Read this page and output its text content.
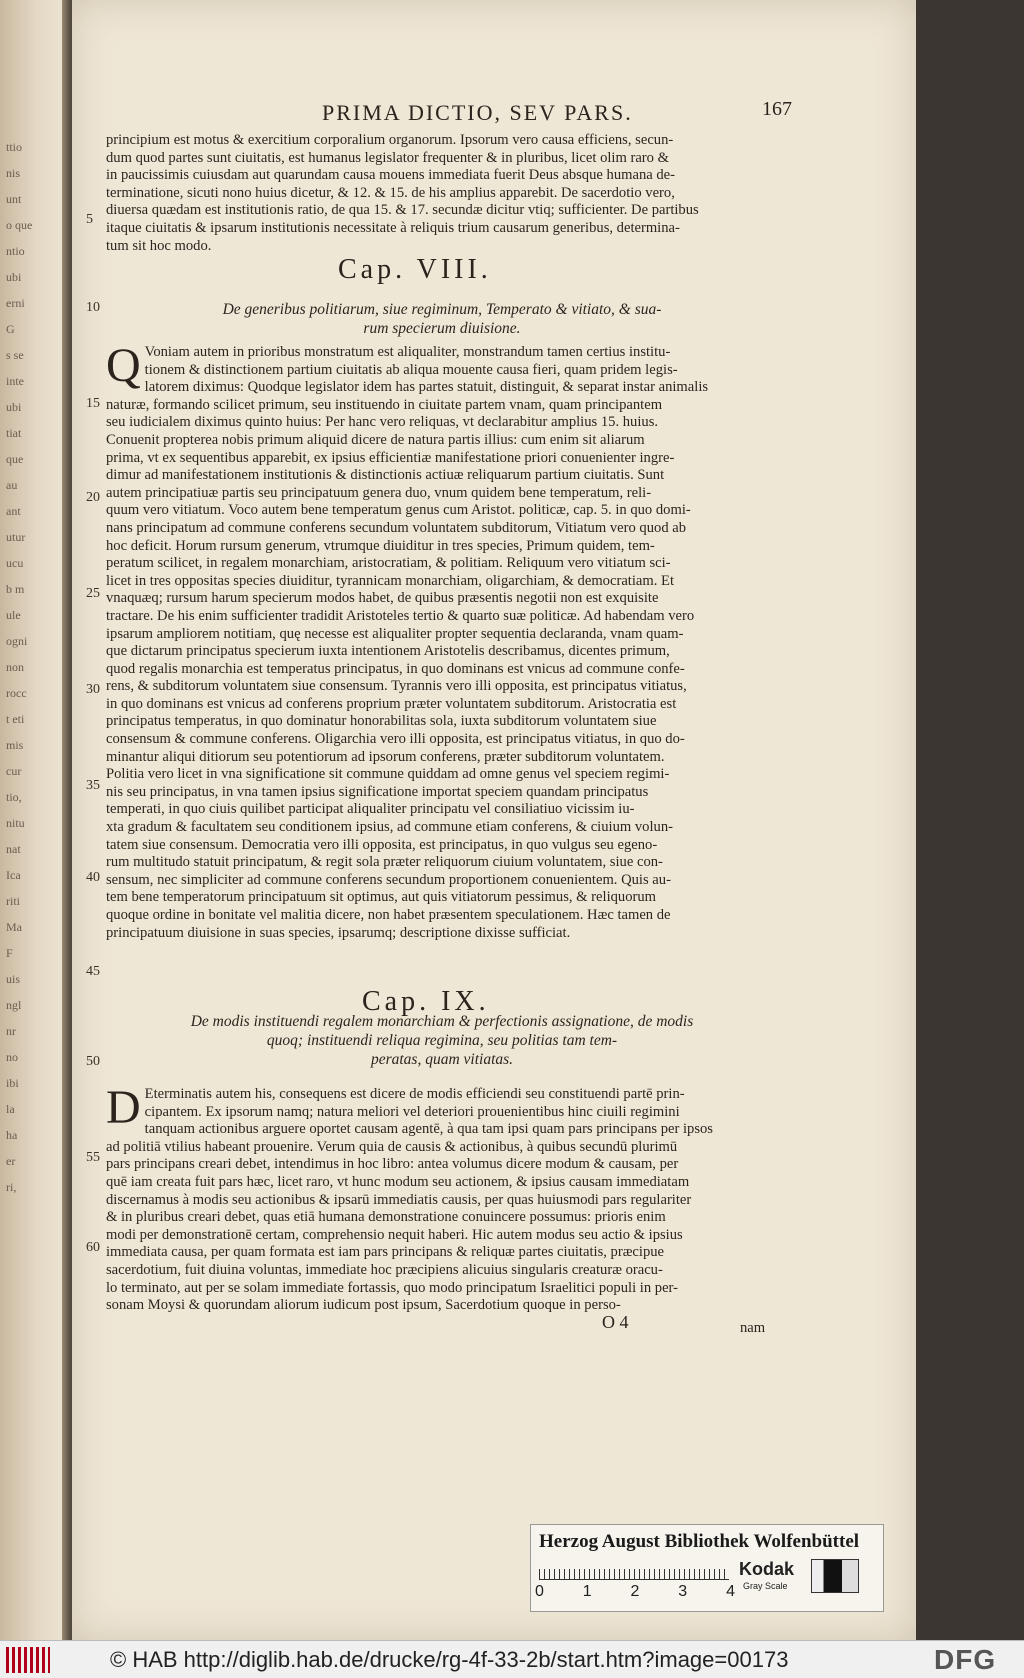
ttio
nis
unt
o que
ntio
ubi
erni
G
s se
inte
ubi
tiat
que
au
ant
utur
ucu
b m
ule
ogni
non
rocc
t eti
mis
cur
tio,
nitu
nat
Ica
riti
Ma
F
uis
ngl
nr
no
ibi
la
ha
er
ri,
PRIMA DICTIO, SEV PARS.	167
principium est motus & exercitium corporalium organorum. Ipsorum vero causa efficiens, secun-
dum quod partes sunt ciuitatis, est humanus legislator frequenter & in pluribus, licet olim raro &
in paucissimis cuiusdam aut quarundam causa mouens immediata fuerit Deus absque humana de-
terminatione, sicuti nono huius dicetur, & 12. & 15. de his amplius apparebit. De sacerdotio vero,
diuersa quædam est institutionis ratio, de qua 15. & 17. secundæ dicitur vtiq; sufficienter. De partibus
itaque ciuitatis & ipsarum institutionis necessitate à reliquis trium causarum generibus, determina-
tum sit hoc modo.
Cap. VIII.
De generibus politiarum, siue regiminum, Temperato & vitiato, & sua-
rum specierum diuisione.
Q Voniam autem in prioribus monstratum est aliqualiter, monstrandum tamen certius institu-
tionem & distinctionem partium ciuitatis ab aliqua mouente causa fieri, quam pridem legis-
latorem diximus: Quodque legislator idem has partes statuit, distinguit, & separat instar animalis
naturæ, formando scilicet primum, seu instituendo in ciuitate partem vnam, quam principantem
seu iudicialem diximus quinto huius: Per hanc vero reliquas, vt declarabitur amplius 15. huius.
Conuenit propterea nobis primum aliquid dicere de natura partis illius: cum enim sit aliarum
prima, vt ex sequentibus apparebit, ex ipsius efficientiæ manifestatione priori conuenienter ingre-
dimur ad manifestationem institutionis & distinctionis actiuæ reliquarum partium ciuitatis. Sunt
autem principatiuæ partis seu principatuum genera duo, vnum quidem bene temperatum, reli-
quum vero vitiatum. Voco autem bene temperatum genus cum Aristot. politicæ, cap. 5. in quo domi-
nans principatum ad commune conferens secundum voluntatem subditorum, Vitiatum vero quod ab
hoc deficit. Horum rursum generum, vtrumque diuiditur in tres species, Primum quidem, tem-
peratum scilicet, in regalem monarchiam, aristocratiam, & politiam. Reliquum vero vitiatum sci-
licet in tres oppositas species diuiditur, tyrannicam monarchiam, oligarchiam, & democratiam. Et
vnaquæq; rursum harum specierum modos habet, de quibus præsentis negotii non est exquisite
tractare. De his enim sufficienter tradidit Aristoteles tertio & quarto suæ politicæ. Ad habendam vero
ipsarum ampliorem notitiam, quę necesse est aliqualiter propter sequentia declaranda, vnam quam-
que dictarum principatus specierum iuxta intentionem Aristotelis describamus, dicentes primum,
quod regalis monarchia est temperatus principatus, in quo dominans est vnicus ad commune confe-
rens, & subditorum voluntatem siue consensum. Tyrannis vero illi opposita, est principatus vitiatus,
in quo dominans est vnicus ad conferens proprium præter voluntatem subditorum. Aristocratia est
principatus temperatus, in quo dominatur honorabilitas sola, iuxta subditorum voluntatem siue
consensum & commune conferens. Oligarchia vero illi opposita, est principatus vitiatus, in quo do-
minantur aliqui ditiorum seu potentiorum ad ipsorum conferens, præter subditorum voluntatem.
Politia vero licet in vna significatione sit commune quiddam ad omne genus vel speciem regimi-
nis seu principatus, in vna tamen ipsius significatione importat speciem quandam principatus
temperati, in quo ciuis quilibet participat aliqualiter principatu vel consiliatiuo vicissim iu-
xta gradum & facultatem seu conditionem ipsius, ad commune etiam conferens, & ciuium volun-
tatem siue consensum. Democratia vero illi opposita, est principatus, in quo vulgus seu egeno-
rum multitudo statuit principatum, & regit sola præter reliquorum ciuium voluntatem, siue con-
sensum, nec simpliciter ad commune conferens secundum proportionem conuenientem. Quis au-
tem bene temperatorum principatuum sit optimus, aut quis vitiatorum pessimus, & reliquorum
quoque ordine in bonitate vel malitia dicere, non habet præsentem speculationem. Hæc tamen de
principatuum diuisione in suas species, ipsarumq; descriptione dixisse sufficiat.
Cap. IX.
De modis instituendi regalem monarchiam & perfectionis assignatione, de modis
quoq; instituendi reliqua regimina, seu politias tam tem-
peratas, quam vitiatas.
D Eterminatis autem his, consequens est dicere de modis efficiendi seu constituendi partē prin-
cipantem. Ex ipsorum namq; natura meliori vel deteriori prouenientibus hinc ciuili regimini
tanquam actionibus arguere oportet causam agentē, à qua tam ipsi quam pars principans per ipsos
ad politiā vtilius habeant prouenire. Verum quia de causis & actionibus, à quibus secundū plurimū
pars principans creari debet, intendimus in hoc libro: antea volumus dicere modum & causam, per
quē iam creata fuit pars hæc, licet raro, vt hunc modum seu actionem, & ipsius causam immediatam
discernamus à modis seu actionibus & ipsarū immediatis causis, per quas huiusmodi pars regulariter
& in pluribus creari debet, quas etiā humana demonstratione conuincere possumus: prioris enim
modi per demonstrationē certam, comprehensio nequit haberi. Hic autem modus seu actio & ipsius
immediata causa, per quam formata est iam pars principans & reliquæ partes ciuitatis, præcipue
sacerdotium, fuit diuina voluntas, immediate hoc præcipiens alicuius singularis creaturæ oracu-
lo terminato, aut per se solam immediate fortassis, quo modo principatum Israelitici populi in per-
sonam Moysi & quorundam aliorum iudicum post ipsum, Sacerdotium quoque in perso-
O 4	nam
5
10
15
20
25
30
35
40
45
50
55
60
Herzog August Bibliothek Wolfenbüttel
0 1 2 3 4
Kodak
Gray Scale
© HAB http://diglib.hab.de/drucke/rg-4f-33-2b/start.htm?image=00173	DFG
